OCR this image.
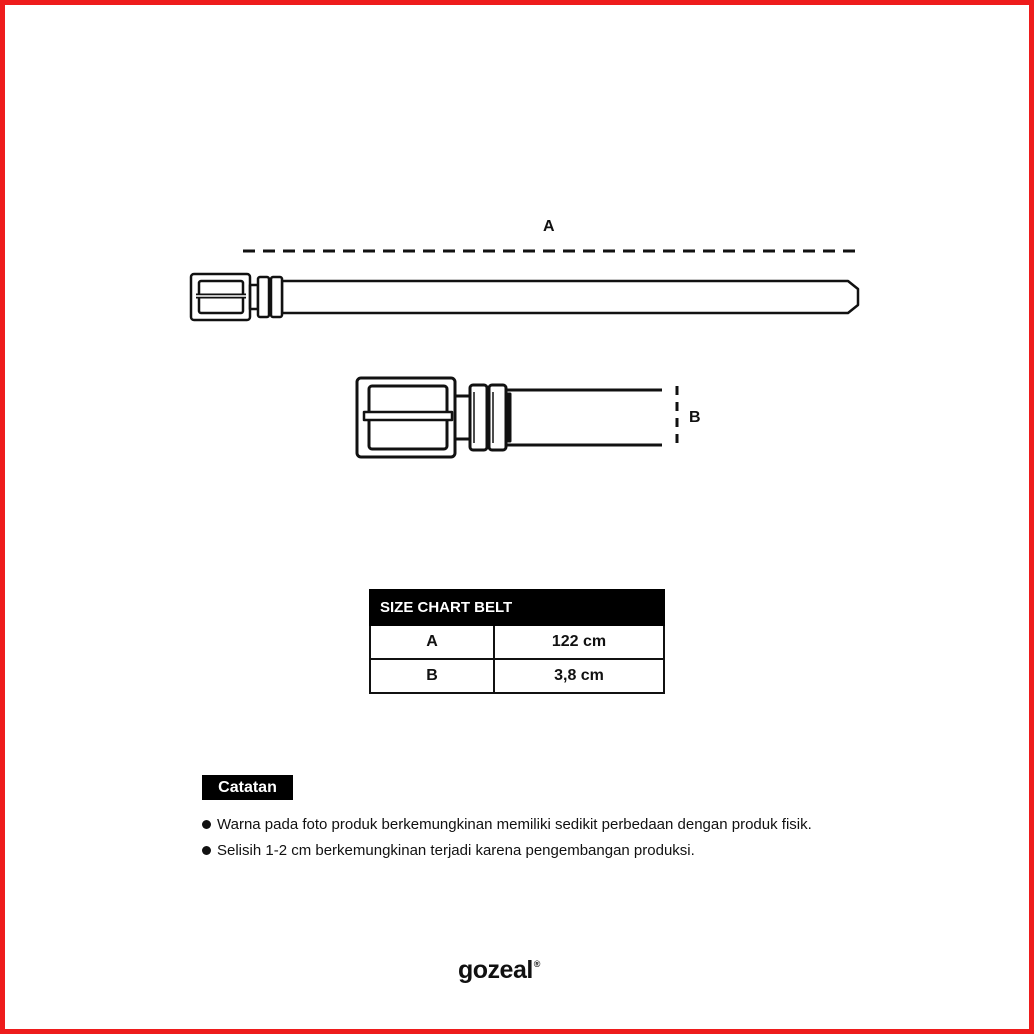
A
B
SIZE CHART BELT	
A	122 cm
B	3,8 cm
Catatan
Warna pada foto produk berkemungkinan memiliki sedikit perbedaan dengan produk fisik.
Selisih 1-2 cm berkemungkinan terjadi karena pengembangan produksi.
gozeal®
